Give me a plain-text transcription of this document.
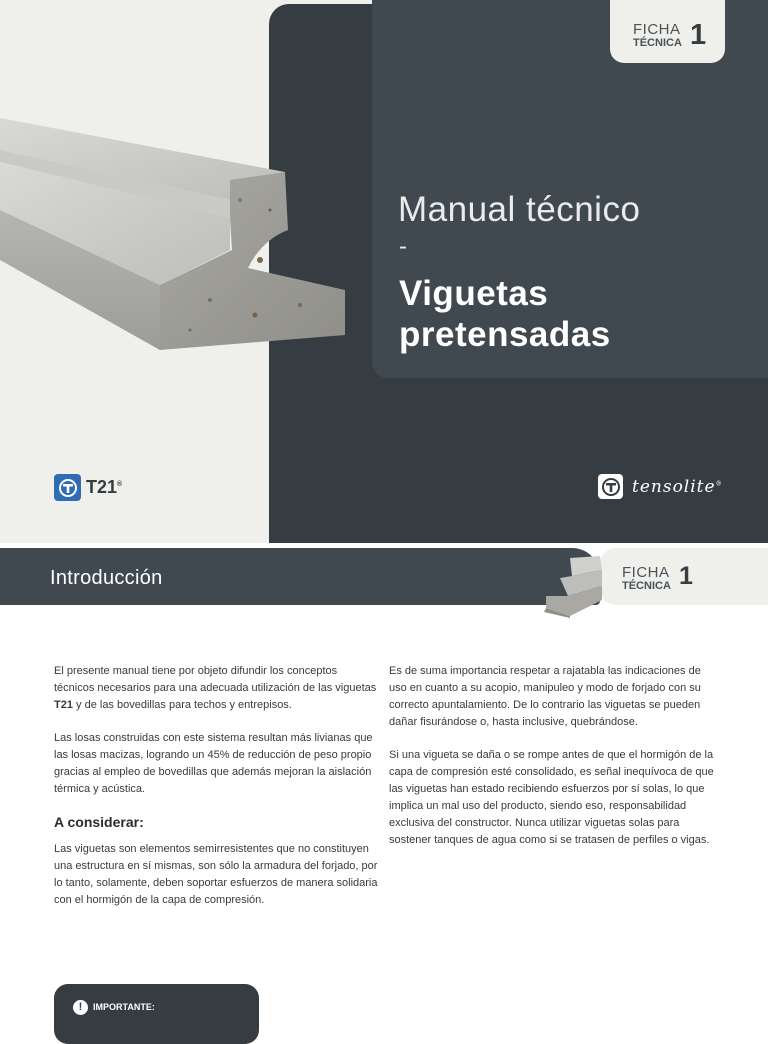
FICHA
TÉCNICA 1
Manual técnico
-
Viguetas pretensadas
T21®	tensolite®
Introducción	FICHA
TÉCNICA 1

El presente manual tiene por objeto difundir los conceptos técnicos necesarios para una adecuada utilización de las viguetas T21 y de las bovedillas para techos y entrepisos.

Las losas construidas con este sistema resultan más livianas que las losas macizas, logrando un 45% de reducción de peso propio gracias al empleo de bovedillas que además mejoran la aislación térmica y acústica.

A considerar:

Las viguetas son elementos semirresistentes que no constituyen una estructura en sí mismas, son sólo la armadura del forjado, por lo tanto, solamente, deben soportar esfuerzos de manera solidaria con el hormigón de la capa de compresión.

Es de suma importancia respetar a rajatabla las indicaciones de uso en cuanto a su acopio, manipuleo y modo de forjado con su correcto apuntalamiento. De lo contrario las viguetas se pueden dañar fisurándose o, hasta inclusive, quebrándose.

Si una vigueta se daña o se rompe antes de que el hormigón de la capa de compresión esté consolidado, es señal inequívoca de que las viguetas han estado recibiendo esfuerzos por sí solas, lo que implica un mal uso del producto, siendo eso, responsabilidad exclusiva del constructor. Nunca utilizar viguetas solas para sostener tanques de agua como si se tratasen de perfiles o vigas.

!	IMPORTANTE:
